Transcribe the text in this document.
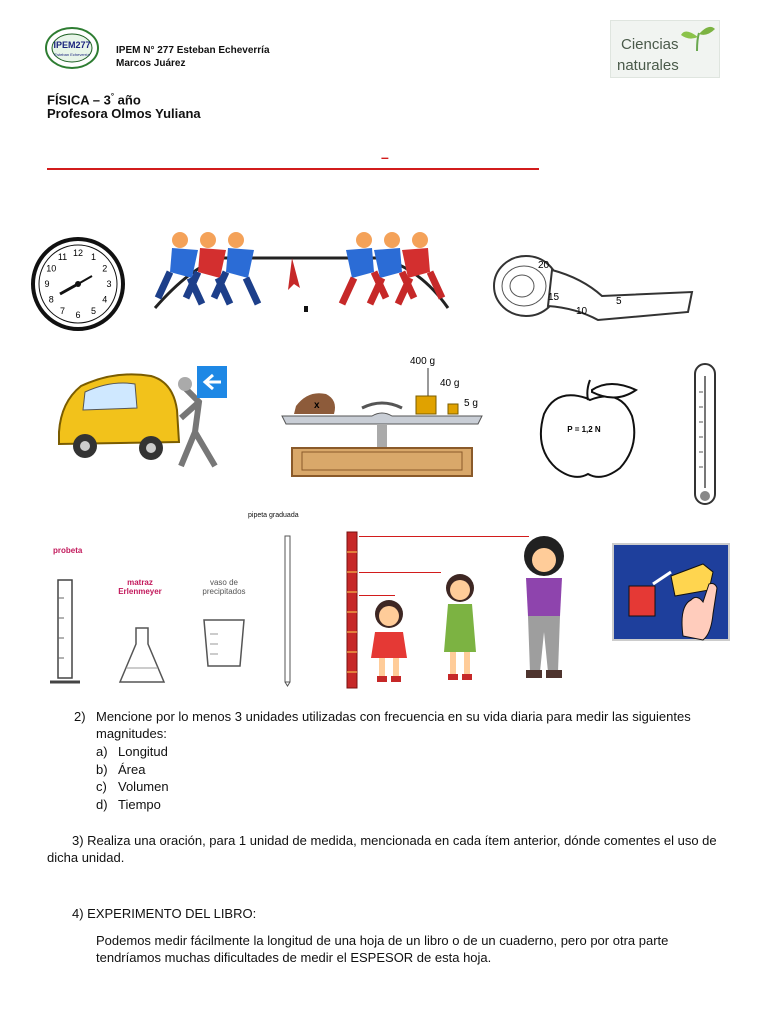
IPEM277
Esteban Echeverría	IPEM N° 277 Esteban Echeverría
Marcos Juárez
Ciencias
naturales
FÍSICA – 3° año
Profesora Olmos Yuliana
–
12 1
2
3
4
5
6
7
8
9
10
11
20
15
10
5
400 g
40 g
5 g
x
P = 1,2 N
pipeta graduada
probeta
matraz
Erlenmeyer
vaso de
precipitados
2) Mencione por lo menos 3 unidades utilizadas con frecuencia en su vida diaria para medir las siguientes
magnitudes:
a) Longitud
b) Área
c) Volumen
d) Tiempo
3) Realiza una oración, para 1 unidad de medida, mencionada en cada ítem anterior, dónde comentes el uso de
dicha unidad.
4) EXPERIMENTO DEL LIBRO:
Podemos medir fácilmente la longitud de una hoja de un libro o de un cuaderno, pero por otra parte
tendríamos muchas dificultades de medir el ESPESOR de esta hoja.
